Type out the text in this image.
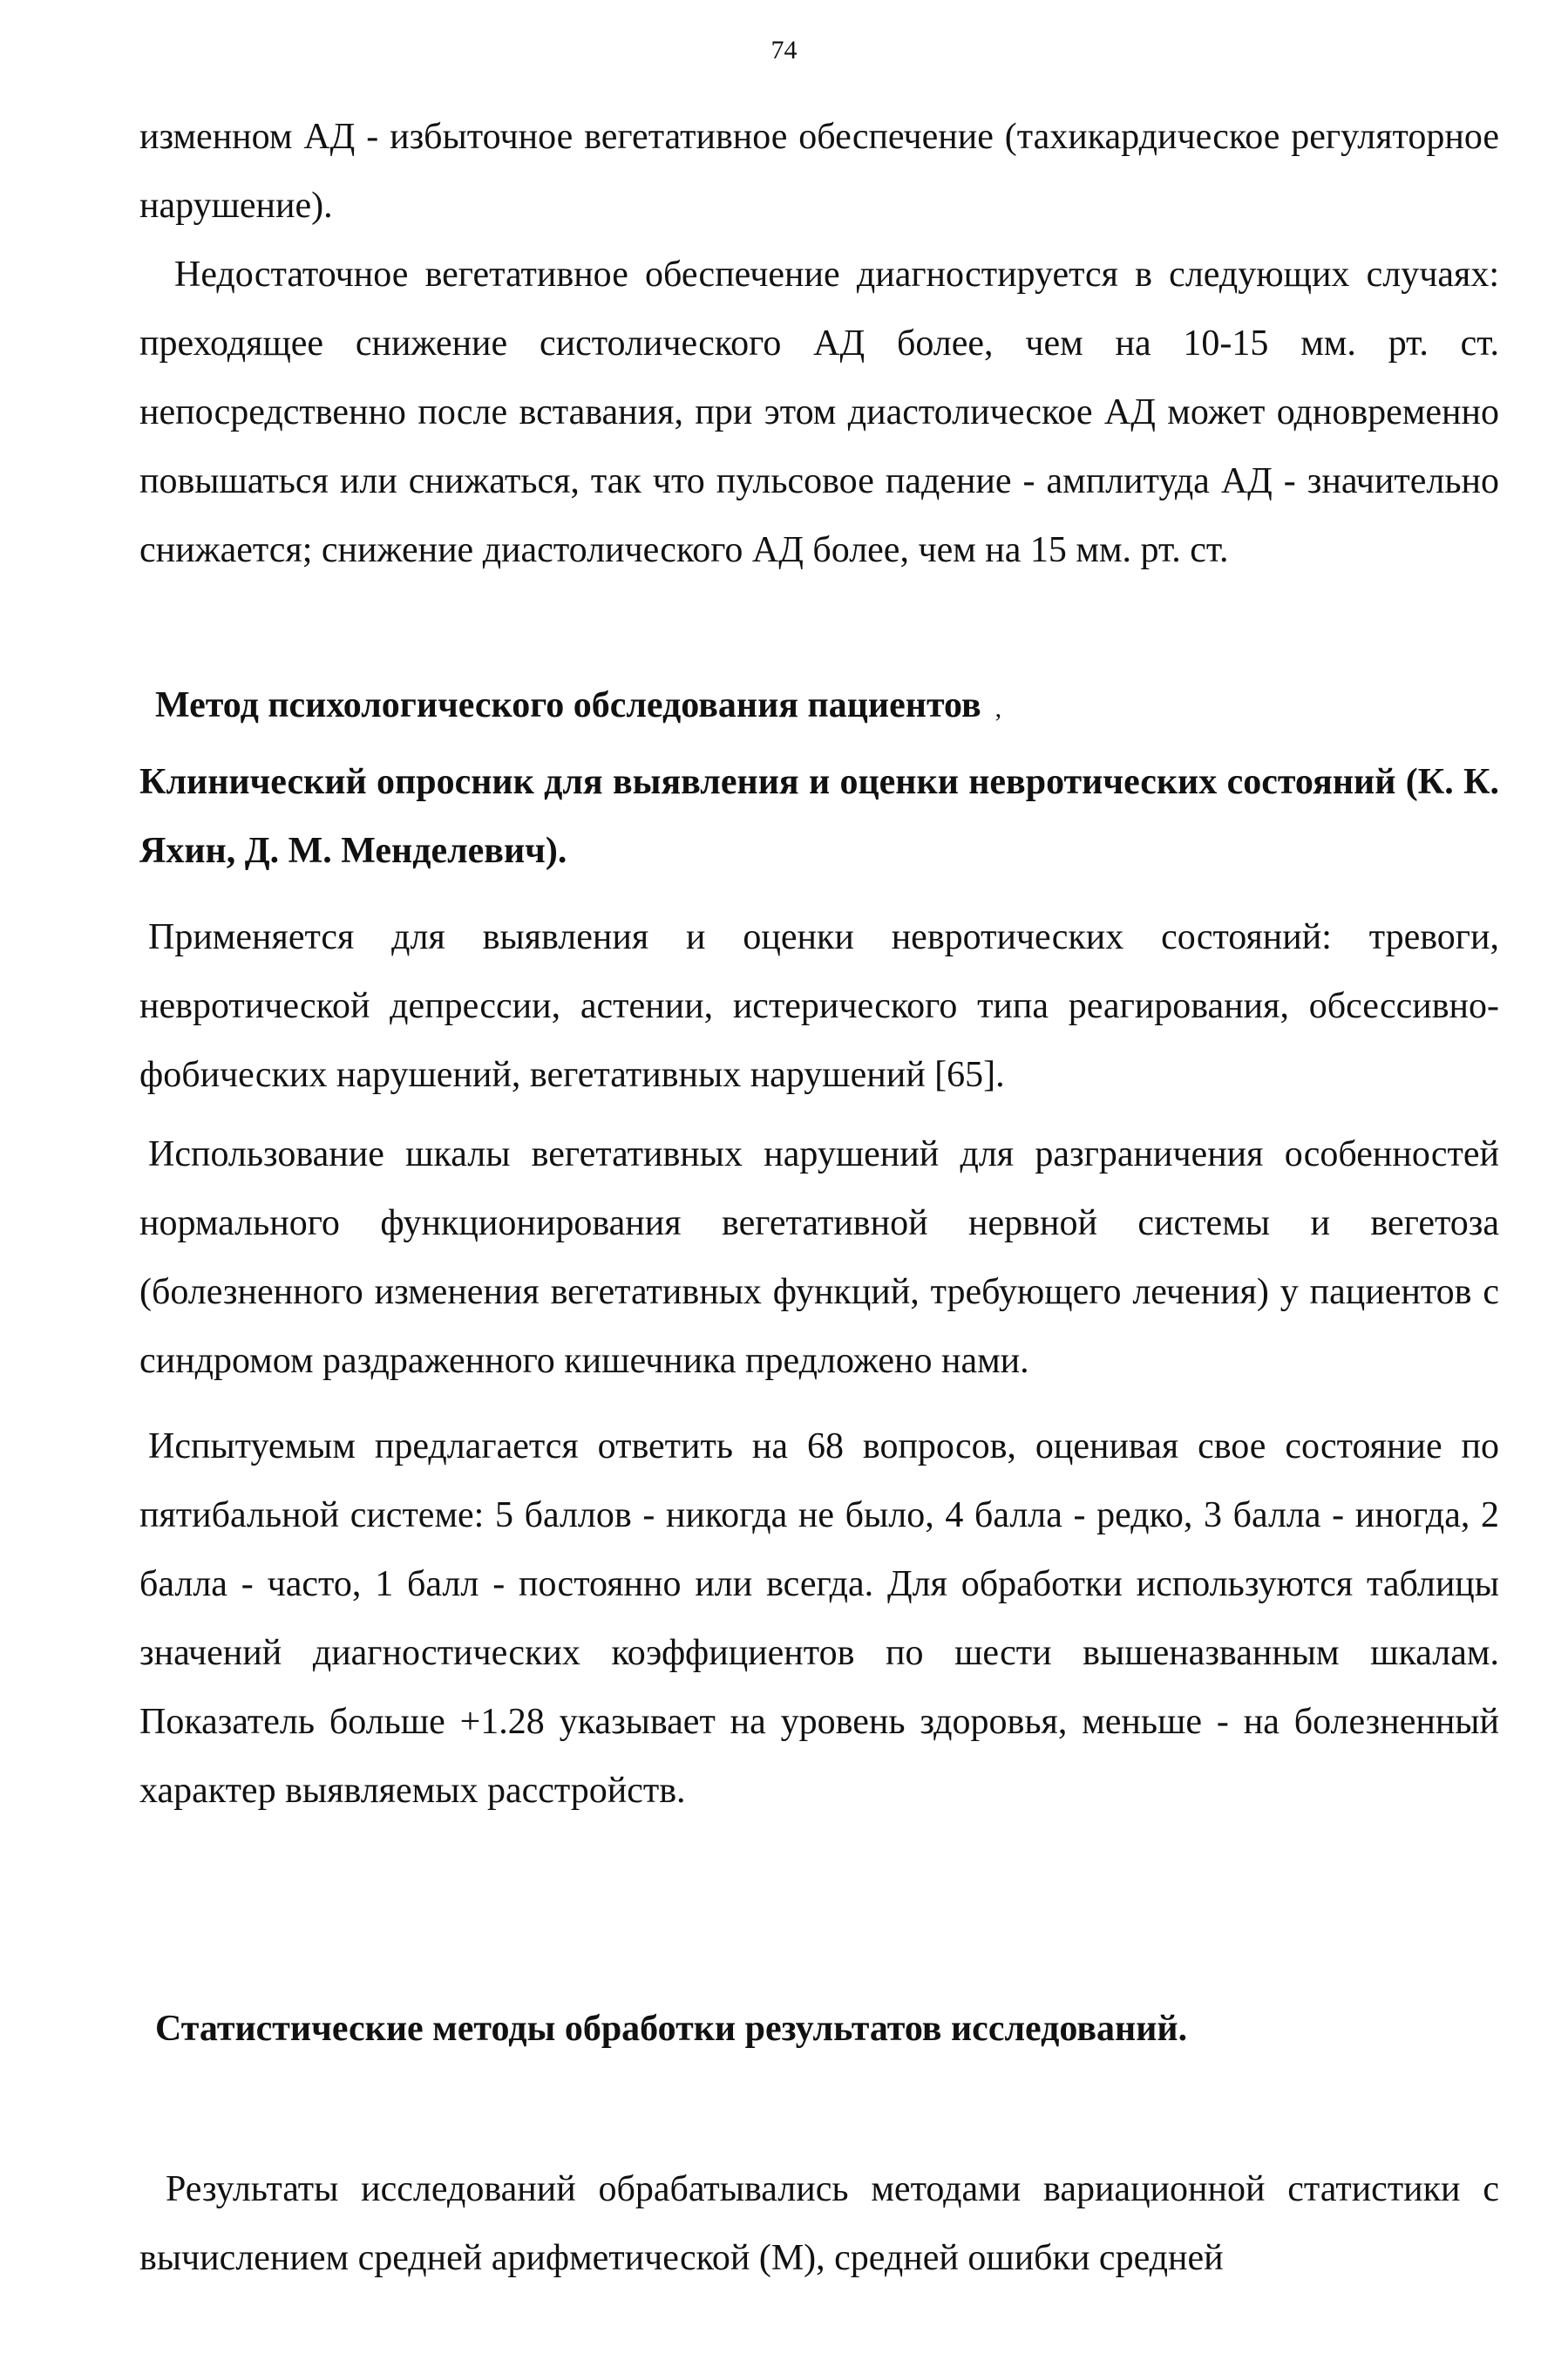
74

изменном АД - избыточное вегетативное обеспечение (тахикардическое регуляторное нарушение).

Недостаточное вегетативное обеспечение диагностируется в следующих случаях: преходящее снижение систолического АД более, чем на 10-15 мм. рт. ст. непосредственно после вставания, при этом диастолическое АД может одновременно повышаться или снижаться, так что пульсовое падение - амплитуда АД - значительно снижается; снижение диастолического АД более, чем на 15 мм. рт. ст.

Метод психологического обследования пациентов ,

Клинический опросник для выявления и оценки невротических состояний (К. К. Яхин, Д. М. Менделевич).

Применяется для выявления и оценки невротических состояний: тревоги, невротической депрессии, астении, истерического типа реагирования, обсессивно- фобических нарушений, вегетативных нарушений [65].

Использование шкалы вегетативных нарушений для разграничения особенностей нормального функционирования вегетативной нервной системы и вегетоза (болезненного изменения вегетативных функций, требующего лечения) у пациентов с синдромом раздраженного кишечника предложено нами.

Испытуемым предлагается ответить на 68 вопросов, оценивая свое состояние по пятибальной системе: 5 баллов - никогда не было, 4 балла - редко, 3 балла - иногда, 2 балла - часто, 1 балл - постоянно или всегда. Для обработки используются таблицы значений диагностических коэффициентов по шести вышеназванным шкалам. Показатель больше +1.28 указывает на уровень здоровья, меньше - на болезненный характер выявляемых расстройств.

Статистические методы обработки результатов исследований.

Результаты исследований обрабатывались методами вариационной статистики с вычислением средней арифметической (М), средней ошибки средней
